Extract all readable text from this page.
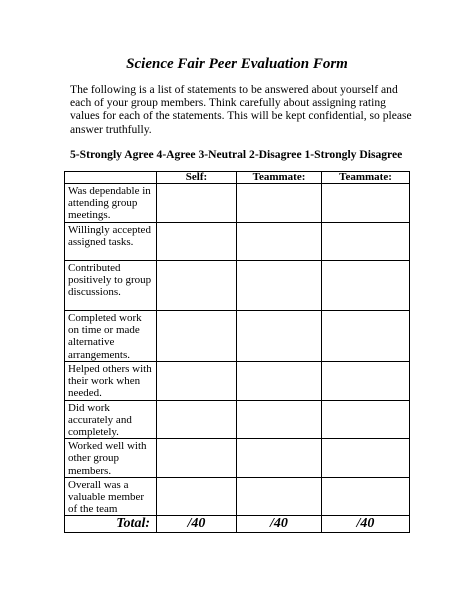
Science Fair Peer Evaluation Form

The following is a list of statements to be answered about yourself and each of your group members. Think carefully about assigning rating values for each of the statements. This will be kept confidential, so please answer truthfully.

5-Strongly Agree 4-Agree 3-Neutral 2-Disagree 1-Strongly Disagree

	Self:	Teammate:	Teammate:
Was dependable in attending group meetings.			
Willingly accepted assigned tasks.			
Contributed positively to group discussions.			
Completed work on time or made alternative arrangements.			
Helped others with their work when needed.			
Did work accurately and completely.			
Worked well with other group members.			
Overall was a valuable member of the team			
Total:	/40	/40	/40
